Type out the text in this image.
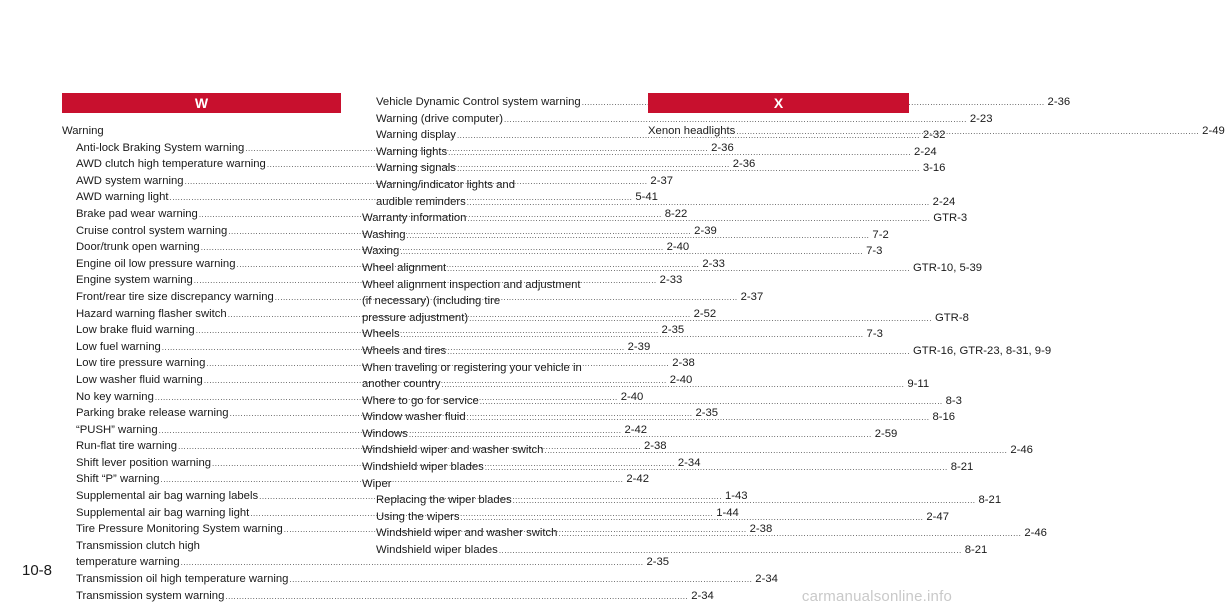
W
Warning
Anti-lock Braking System warning .....	2-36
AWD clutch high temperature warning .....	2-36
AWD system warning .....	2-37
AWD warning light .....	5-41
Brake pad wear warning .....	8-22
Cruise control system warning .....	2-39
Door/trunk open warning .....	2-40
Engine oil low pressure warning .....	2-33
Engine system warning .....	2-33
Front/rear tire size discrepancy warning .....	2-37
Hazard warning flasher switch .....	2-52
Low brake fluid warning .....	2-35
Low fuel warning .....	2-39
Low tire pressure warning .....	2-38
Low washer fluid warning .....	2-40
No key warning .....	2-40
Parking brake release warning .....	2-35
“PUSH” warning .....	2-42
Run-flat tire warning .....	2-38
Shift lever position warning .....	2-34
Shift “P” warning .....	2-42
Supplemental air bag warning labels .....	1-43
Supplemental air bag warning light .....	1-44
Tire Pressure Monitoring System warning .....	2-38
Transmission clutch high
temperature warning .....	2-35
Transmission oil high temperature warning .....	2-34
Transmission system warning .....	2-34
Vehicle Dynamic Control system warning .....	2-36
Warning (drive computer) .....	2-23
Warning display .....	2-32
Warning lights .....	2-24
Warning signals .....	3-16
Warning/indicator lights and
audible reminders .....	2-24
Warranty information .....	GTR-3
Washing .....	7-2
Waxing .....	7-3
Wheel alignment .....	GTR-10, 5-39
Wheel alignment inspection and adjustment
(if necessary) (including tire
pressure adjustment) .....	GTR-8
Wheels .....	7-3
Wheels and tires .....	GTR-16, GTR-23, 8-31, 9-9
When traveling or registering your vehicle in
another country .....	9-11
Where to go for service .....	8-3
Window washer fluid .....	8-16
Windows .....	2-59
Windshield wiper and washer switch .....	2-46
Windshield wiper blades .....	8-21
Wiper
Replacing the wiper blades .....	8-21
Using the wipers .....	2-47
Windshield wiper and washer switch .....	2-46
Windshield wiper blades .....	8-21
X
Xenon headlights .....	2-49
10-8
carmanualsonline.info
